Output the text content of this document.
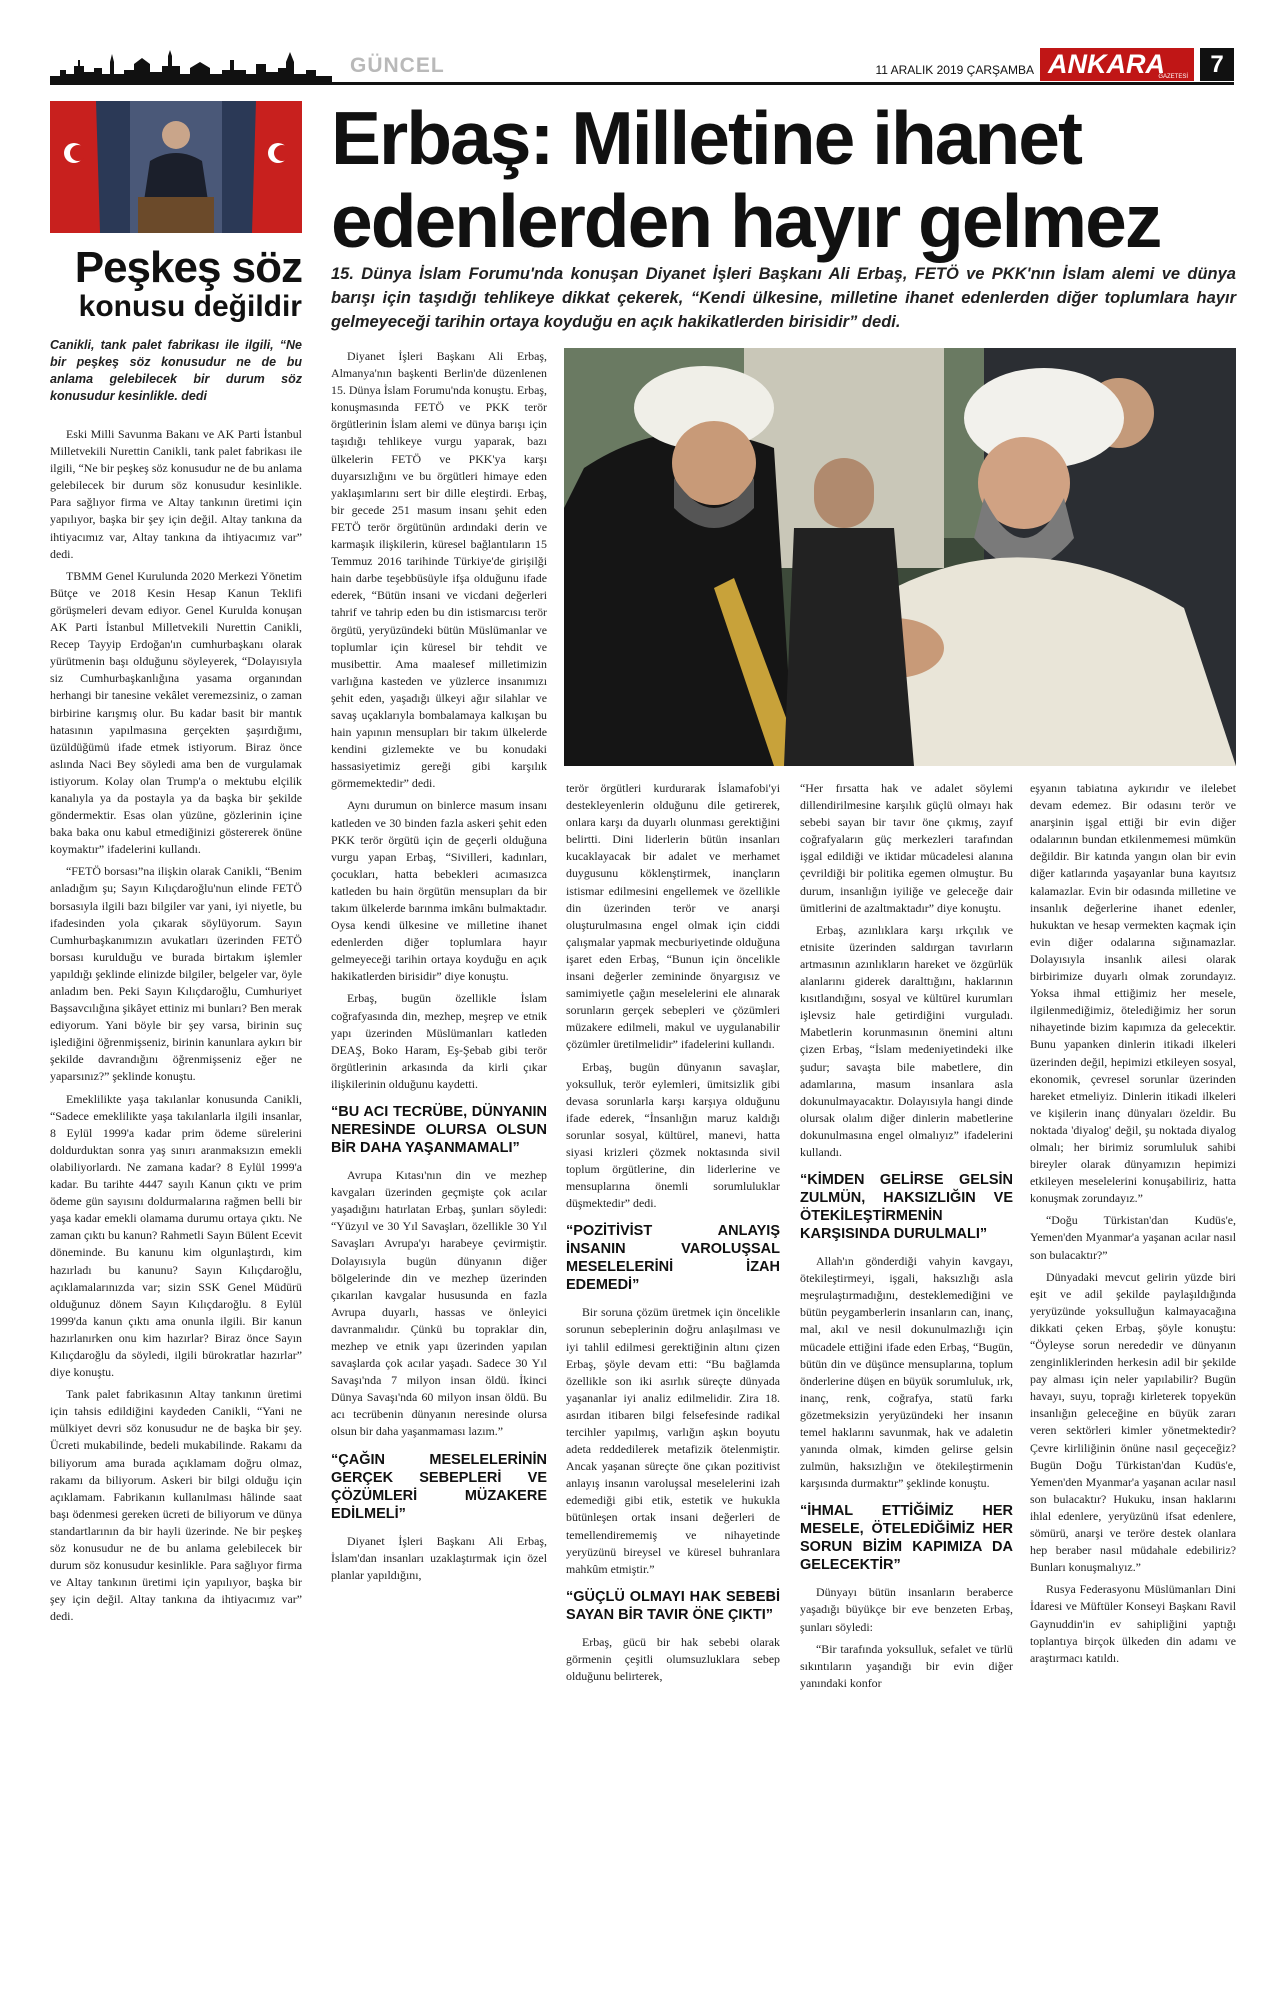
GÜNCEL	11 ARALIK 2019 ÇARŞAMBA ANKARA
GAZETESİ 7
Peşkeş söz
konusu değildir
Canikli, tank palet fabrikası ile ilgili, “Ne bir peşkeş söz konusudur ne de bu anlama gelebilecek bir durum söz konusudur kesinlikle. dedi

Eski Milli Savunma Bakanı ve AK Parti İstanbul Milletvekili Nurettin Canikli, tank palet fabrikası ile ilgili, “Ne bir peşkeş söz konusudur ne de bu anlama gelebilecek bir durum söz konusudur kesinlikle. Para sağlıyor firma ve Altay tankının üretimi için yapılıyor, başka bir şey için değil. Altay tankına da ihtiyacımız var, Altay tankına da ihtiyacımız var” dedi.

TBMM Genel Kurulunda 2020 Merkezi Yönetim Bütçe ve 2018 Kesin Hesap Kanun Teklifi görüşmeleri devam ediyor. Genel Kurulda konuşan AK Parti İstanbul Milletvekili Nurettin Canikli, Recep Tayyip Erdoğan'ın cumhurbaşkanı olarak yürütmenin başı olduğunu söyleyerek, “Dolayısıyla siz Cumhurbaşkanlığına yasama organından herhangi bir tanesine vekâlet veremezsiniz, o zaman birbirine karışmış olur. Bu kadar basit bir mantık hatasının yapılmasına gerçekten şaşırdığımı, üzüldüğümü ifade etmek istiyorum. Biraz önce aslında Naci Bey söyledi ama ben de vurgulamak istiyorum. Kolay olan Trump'a o mektubu elçilik kanalıyla ya da postayla ya da başka bir şekilde göndermektir. Esas olan yüzüne, gözlerinin içine baka baka onu kabul etmediğinizi göstererek önüne koymaktır” ifadelerini kullandı.

“FETÖ borsası”na ilişkin olarak Canikli, “Benim anladığım şu; Sayın Kılıçdaroğlu'nun elinde FETÖ borsasıyla ilgili bazı bilgiler var yani, iyi niyetle, bu ifadesinden yola çıkarak söylüyorum. Sayın Cumhurbaşkanımızın avukatları üzerinden FETÖ borsası kurulduğu ve burada birtakım işlemler yapıldığı şeklinde elinizde bilgiler, belgeler var, öyle anladım ben. Peki Sayın Kılıçdaroğlu, Cumhuriyet Başsavcılığına şikâyet ettiniz mi bunları? Ben merak ediyorum. Yani böyle bir şey varsa, birinin suç işlediğini öğrenmişseniz, birinin kanunlara aykırı bir şekilde davrandığını öğrenmişseniz eğer ne yaparsınız?” şeklinde konuştu.

Emeklilikte yaşa takılanlar konusunda Canikli, “Sadece emeklilikte yaşa takılanlarla ilgili insanlar, 8 Eylül 1999'a kadar prim ödeme sürelerini doldurduktan sonra yaş sınırı aranmaksızın emekli olabiliyorlardı. Ne zamana kadar? 8 Eylül 1999'a kadar. Bu tarihte 4447 sayılı Kanun çıktı ve prim ödeme gün sayısını doldurmalarına rağmen belli bir yaşa kadar emekli olamama durumu ortaya çıktı. Ne zaman çıktı bu kanun? Rahmetli Sayın Bülent Ecevit döneminde. Bu kanunu kim olgunlaştırdı, kim hazırladı bu kanunu? Sayın Kılıçdaroğlu, açıklamalarınızda var; sizin SSK Genel Müdürü olduğunuz dönem Sayın Kılıçdaroğlu. 8 Eylül 1999'da kanun çıktı ama onunla ilgili. Bir kanun hazırlanırken onu kim hazırlar? Biraz önce Sayın Kılıçdaroğlu da söyledi, ilgili bürokratlar hazırlar” diye konuştu.

Tank palet fabrikasının Altay tankının üretimi için tahsis edildiğini kaydeden Canikli, “Yani ne mülkiyet devri söz konusudur ne de başka bir şey. Ücreti mukabilinde, bedeli mukabilinde. Rakamı da biliyorum ama burada açıklamam doğru olmaz, rakamı da biliyorum. Askeri bir bilgi olduğu için açıklamam. Fabrikanın kullanılması hâlinde saat başı ödenmesi gereken ücreti de biliyorum ve dünya standartlarının da bir hayli üzerinde. Ne bir peşkeş söz konusudur ne de bu anlama gelebilecek bir durum söz konusudur kesinlikle. Para sağlıyor firma ve Altay tankının üretimi için yapılıyor, başka bir şey için değil. Altay tankına da ihtiyacımız var” dedi.

Erbaş: Milletine ihanet
edenlerden hayır gelmez
15. Dünya İslam Forumu'nda konuşan Diyanet İşleri Başkanı Ali Erbaş, FETÖ ve PKK'nın İslam alemi ve dünya barışı için taşıdığı tehlikeye dikkat çekerek, “Kendi ülkesine, milletine ihanet edenlerden diğer toplumlara hayır gelmeyeceği tarihin ortaya koyduğu en açık hakikatlerden birisidir” dedi.

Diyanet İşleri Başkanı Ali Erbaş, Almanya'nın başkenti Berlin'de düzenlenen 15. Dünya İslam Forumu'nda konuştu. Erbaş, konuşmasında FETÖ ve PKK terör örgütlerinin İslam alemi ve dünya barışı için taşıdığı tehlikeye vurgu yaparak, bazı ülkelerin FETÖ ve PKK'ya karşı duyarsızlığını ve bu örgütleri himaye eden yaklaşımlarını sert bir dille eleştirdi. Erbaş, bir gecede 251 masum insanı şehit eden FETÖ terör örgütünün ardındaki derin ve karmaşık ilişkilerin, küresel bağlantıların 15 Temmuz 2016 tarihinde Türkiye'de girişilği hain darbe teşebbüsüyle ifşa olduğunu ifade ederek, “Bütün insani ve vicdani değerleri tahrif ve tahrip eden bu din istismarcısı terör örgütü, yeryüzündeki bütün Müslümanlar ve toplumlar için küresel bir tehdit ve musibettir. Ama maalesef milletimizin varlığına kasteden ve yüzlerce insanımızı şehit eden, yaşadığı ülkeyi ağır silahlar ve savaş uçaklarıyla bombalamaya kalkışan bu hain yapının mensupları bir takım ülkelerde kendini gizlemekte ve bu konudaki hassasiyetimiz gereği gibi karşılık görmemektedir” dedi.

Aynı durumun on binlerce masum insanı katleden ve 30 binden fazla askeri şehit eden PKK terör örgütü için de geçerli olduğuna vurgu yapan Erbaş, “Sivilleri, kadınları, çocukları, hatta bebekleri acımasızca katleden bu hain örgütün mensupları da bir takım ülkelerde barınma imkânı bulmaktadır. Oysa kendi ülkesine ve milletine ihanet edenlerden diğer toplumlara hayır gelmeyeceği tarihin ortaya koyduğu en açık hakikatlerden birisidir” diye konuştu.

Erbaş, bugün özellikle İslam coğrafyasında din, mezhep, meşrep ve etnik yapı üzerinden Müslümanları katleden DEAŞ, Boko Haram, Eş-Şebab gibi terör örgütlerinin arkasında da kirli çıkar ilişkilerinin olduğunu kaydetti.

“BU ACI TECRÜBE, DÜNYANIN NERESİNDE OLURSA OLSUN BİR DAHA YAŞANMAMALI”

Avrupa Kıtası'nın din ve mezhep kavgaları üzerinden geçmişte çok acılar yaşadığını hatırlatan Erbaş, şunları söyledi: “Yüzyıl ve 30 Yıl Savaşları, özellikle 30 Yıl Savaşları Avrupa'yı harabeye çevirmiştir. Dolayısıyla bugün dünyanın diğer bölgelerinde din ve mezhep üzerinden çıkarılan kavgalar hususunda en fazla Avrupa duyarlı, hassas ve önleyici davranmalıdır. Çünkü bu topraklar din, mezhep ve etnik yapı üzerinden yapılan savaşlarda çok acılar yaşadı. Sadece 30 Yıl Savaşı'nda 7 milyon insan öldü. İkinci Dünya Savaşı'nda 60 milyon insan öldü. Bu acı tecrübenin dünyanın neresinde olursa olsun bir daha yaşanmaması lazım.”

“ÇAĞIN MESELELERİNİN GERÇEK SEBEPLERİ VE ÇÖZÜMLERİ MÜZAKERE EDİLMELİ”

Diyanet İşleri Başkanı Ali Erbaş, İslam'dan insanları uzaklaştırmak için özel planlar yapıldığını,

terör örgütleri kurdurarak İslamafobi'yi destekleyenlerin olduğunu dile getirerek, onlara karşı da duyarlı olunması gerektiğini belirtti. Dini liderlerin bütün insanları kucaklayacak bir adalet ve merhamet duygusunu köklenştirmek, inançların istismar edilmesini engellemek ve özellikle din üzerinden terör ve anarşi oluşturulmasına engel olmak için ciddi çalışmalar yapmak mecburiyetinde olduğuna işaret eden Erbaş, “Bunun için öncelikle insani değerler zemininde önyargısız ve samimiyetle çağın meselelerini ele alınarak sorunların gerçek sebepleri ve çözümleri müzakere edilmeli, makul ve uygulanabilir çözümler üretilmelidir” ifadelerini kullandı.

Erbaş, bugün dünyanın savaşlar, yoksulluk, terör eylemleri, ümitsizlik gibi devasa sorunlarla karşı karşıya olduğunu ifade ederek, “İnsanlığın maruz kaldığı sorunlar sosyal, kültürel, manevi, hatta siyasi krizleri çözmek noktasında sivil toplum örgütlerine, din liderlerine ve mensuplarına önemli sorumluluklar düşmektedir” dedi.

“POZİTİVİST ANLAYIŞ İNSANIN VAROLUŞSAL MESELELERİNİ İZAH EDEMEDİ”

Bir soruna çözüm üretmek için öncelikle sorunun sebeplerinin doğru anlaşılması ve iyi tahlil edilmesi gerektiğinin altını çizen Erbaş, şöyle devam etti: “Bu bağlamda özellikle son iki asırlık süreçte dünyada yaşananlar iyi analiz edilmelidir. Zira 18. asırdan itibaren bilgi felsefesinde radikal tercihler yapılmış, varlığın aşkın boyutu adeta reddedilerek metafizik ötelenmiştir. Ancak yaşanan süreçte öne çıkan pozitivist anlayış insanın varoluşsal meselelerini izah edemediği gibi etik, estetik ve hukukla bütünleşen ortak insani değerleri de temellendirememiş ve nihayetinde yeryüzünü bireysel ve küresel buhranlara mahkûm etmiştir.”

“GÜÇLÜ OLMAYI HAK SEBEBİ SAYAN BİR TAVIR ÖNE ÇIKTI”

Erbaş, gücü bir hak sebebi olarak görmenin çeşitli olumsuzluklara sebep olduğunu belirterek,

“Her fırsatta hak ve adalet söylemi dillendirilmesine karşılık güçlü olmayı hak sebebi sayan bir tavır öne çıkmış, zayıf coğrafyaların güç merkezleri tarafından işgal edildiği ve iktidar mücadelesi alanına çevrildiği bir politika egemen olmuştur. Bu durum, insanlığın iyiliğe ve geleceğe dair ümitlerini de azaltmaktadır” diye konuştu.

Erbaş, azınlıklara karşı ırkçılık ve etnisite üzerinden saldırgan tavırların artmasının azınlıkların hareket ve özgürlük alanlarını giderek daralttığını, haklarının kısıtlandığını, sosyal ve kültürel kurumları işlevsiz hale getirdiğini vurguladı. Mabetlerin korunmasının önemini altını çizen Erbaş, “İslam medeniyetindeki ilke şudur; savaşta bile mabetlere, din adamlarına, masum insanlara asla dokunulmayacaktır. Dolayısıyla hangi dinde olursak olalım diğer dinlerin mabetlerine dokunulmasına engel olmalıyız” ifadelerini kullandı.

“KİMDEN GELİRSE GELSİN ZULMÜN, HAKSIZLIĞIN VE ÖTEKİLEŞTİRMENİN KARŞISINDA DURULMALI”

Allah'ın gönderdiği vahyin kavgayı, ötekileştirmeyi, işgali, haksızlığı asla meşrulaştırmadığını, desteklemediğini ve bütün peygamberlerin insanların can, inanç, mal, akıl ve nesil dokunulmazlığı için mücadele ettiğini ifade eden Erbaş, “Bugün, bütün din ve düşünce mensuplarına, toplum önderlerine düşen en büyük sorumluluk, ırk, inanç, renk, coğrafya, statü farkı gözetmeksizin yeryüzündeki her insanın temel haklarını savunmak, hak ve adaletin yanında olmak, kimden gelirse gelsin zulmün, haksızlığın ve ötekileştirmenin karşısında durmaktır” şeklinde konuştu.

“İHMAL ETTİĞİMİZ HER MESELE, ÖTELEDİĞİMİZ HER SORUN BİZİM KAPIMIZA DA GELECEKTİR”

Dünyayı bütün insanların beraberce yaşadığı büyükçe bir eve benzeten Erbaş, şunları söyledi:

“Bir tarafında yoksulluk, sefalet ve türlü sıkıntıların yaşandığı bir evin diğer yanındaki konfor

eşyanın tabiatına aykırıdır ve ilelebet devam edemez. Bir odasını terör ve anarşinin işgal ettiği bir evin diğer odalarının bundan etkilenmemesi mümkün değildir. Bir katında yangın olan bir evin diğer katlarında yaşayanlar buna kayıtsız kalamazlar. Evin bir odasında milletine ve insanlık değerlerine ihanet edenler, hukuktan ve hesap vermekten kaçmak için evin diğer odalarına sığınamazlar. Dolayısıyla insanlık ailesi olarak birbirimize duyarlı olmak zorundayız. Yoksa ihmal ettiğimiz her mesele, ilgilenmediğimiz, ötelediğimiz her sorun nihayetinde bizim kapımıza da gelecektir. Bunu yapanken dinlerin itikadi ilkeleri üzerinden değil, hepimizi etkileyen sosyal, ekonomik, çevresel sorunlar üzerinden hareket etmeliyiz. Dinlerin itikadi ilkeleri ve kişilerin inanç dünyaları özeldir. Bu noktada 'diyalog' değil, şu noktada diyalog olmalı; her birimiz sorumluluk sahibi bireyler olarak dünyamızın hepimizi etkileyen meselelerini konuşabiliriz, hatta konuşmak zorundayız.”

“Doğu Türkistan'dan Kudüs'e, Yemen'den Myanmar'a yaşanan acılar nasıl son bulacaktır?”

Dünyadaki mevcut gelirin yüzde biri eşit ve adil şekilde paylaşıldığında yeryüzünde yoksulluğun kalmayacağına dikkati çeken Erbaş, şöyle konuştu: “Öyleyse sorun nerededir ve dünyanın zenginliklerinden herkesin adil bir şekilde pay alması için neler yapılabilir? Bugün havayı, suyu, toprağı kirleterek topyekün insanlığın geleceğine en büyük zararı veren sektörleri kimler yönetmektedir? Çevre kirliliğinin önüne nasıl geçeceğiz? Bugün Doğu Türkistan'dan Kudüs'e, Yemen'den Myanmar'a yaşanan acılar nasıl son bulacaktır? Hukuku, insan haklarını ihlal edenlere, yeryüzünü ifsat edenlere, sömürü, anarşi ve teröre destek olanlara hep beraber nasıl müdahale edebiliriz? Bunları konuşmalıyız.”

Rusya Federasyonu Müslümanları Dini İdaresi ve Müftüler Konseyi Başkanı Ravil Gaynuddin'in ev sahipliğini yaptığı toplantıya birçok ülkeden din adamı ve araştırmacı katıldı.
